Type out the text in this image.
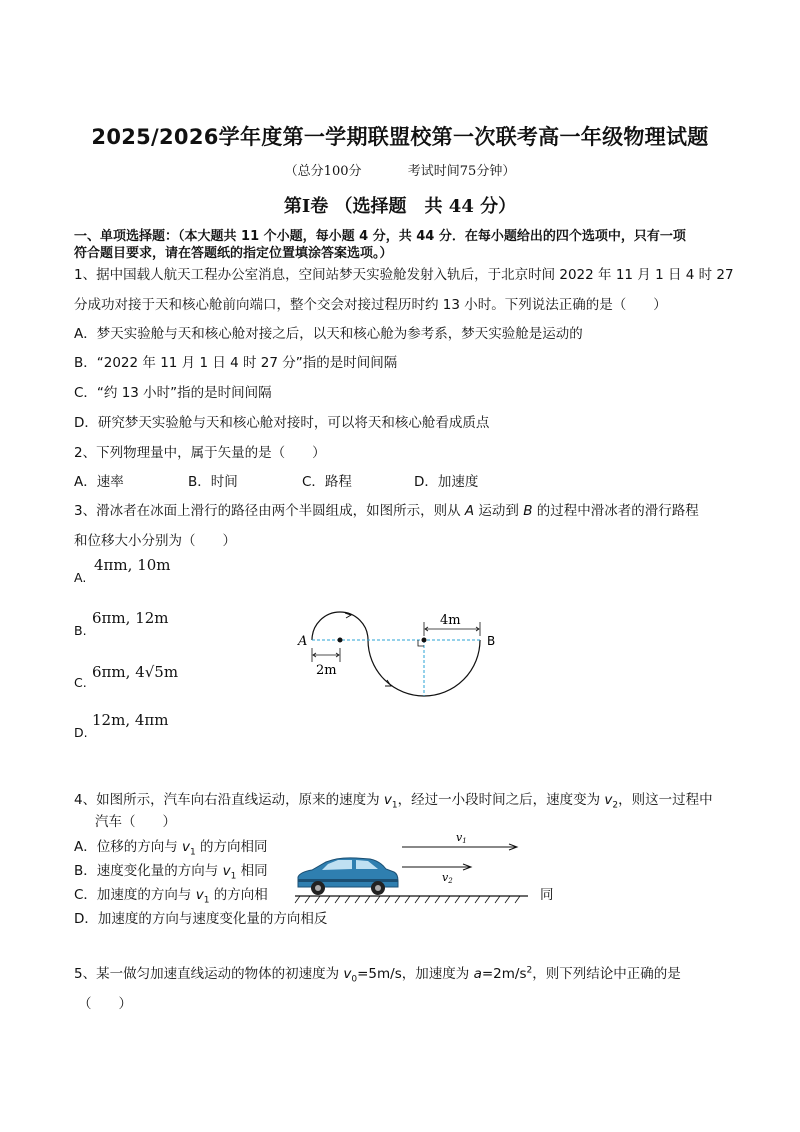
2025/2026学年度第一学期联盟校第一次联考高一年级物理试题
（总分100分	考试时间75分钟）
第Ⅰ卷 （选择题　共 44 分）
一、单项选择题：（本大题共 11 个小题，每小题 4 分，共 44 分．在每小题给出的四个选项中，只有一项
符合题目要求，请在答题纸的指定位置填涂答案选项。）
1、据中国载人航天工程办公室消息，空间站梦天实验舱发射入轨后，于北京时间 2022 年 11 月 1 日 4 时 27
分成功对接于天和核心舱前向端口，整个交会对接过程历时约 13 小时。下列说法正确的是（　　）
A．梦天实验舱与天和核心舱对接之后，以天和核心舱为参考系，梦天实验舱是运动的
B．“2022 年 11 月 1 日 4 时 27 分”指的是时间间隔
C．“约 13 小时”指的是时间间隔
D．研究梦天实验舱与天和核心舱对接时，可以将天和核心舱看成质点
2、下列物理量中，属于矢量的是（　　）
A．速率	B．时间	C．路程	D．加速度
3、滑冰者在冰面上滑行的路径由两个半圆组成，如图所示，则从 A 运动到 B 的过程中滑冰者的滑行路程
和位移大小分别为（　　）
A.
4πm, 10m
B.
6πm, 12m
C.
6πm, 4√5m
D.
12m, 4πm
A	B
4m
2m
4、如图所示，汽车向右沿直线运动，原来的速度为 $v_1$，经过一小段时间之后，速度变为 $v_2$，则这一过程中
汽车（　　）
A．位移的方向与 $v_1$ 的方向相同
B．速度变化量的方向与 $v_1$ 相同
C．加速度的方向与 $v_1$ 的方向相	同
D．加速度的方向与速度变化量的方向相反
v1
v2
5、某一做匀加速直线运动的物体的初速度为 $v_0=5m/s$，加速度为 $a=2m/s^2$，则下列结论中正确的是
（　　）
